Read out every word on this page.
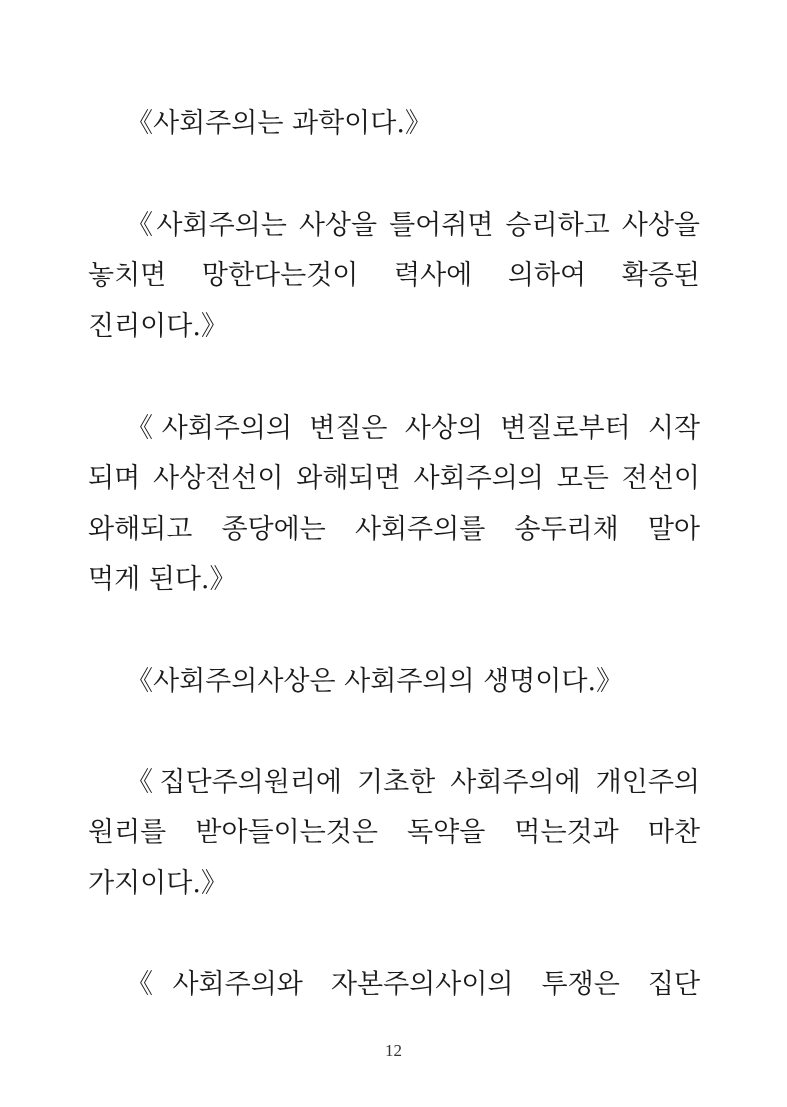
《사회주의는 과학이다.》
《사회주의는 사상을 틀어쥐면 승리하고 사상을
놓치면 망한다는것이 력사에 의하여 확증된
진리이다.》
《사회주의의 변질은 사상의 변질로부터 시작
되며 사상전선이 와해되면 사회주의의 모든 전선이
와해되고 종당에는 사회주의를 송두리채 말아
먹게 된다.》
《사회주의사상은 사회주의의 생명이다.》
《집단주의원리에 기초한 사회주의에 개인주의
원리를 받아들이는것은 독약을 먹는것과 마찬
가지이다.》
《사회주의와 자본주의사이의 투쟁은 집단
12
